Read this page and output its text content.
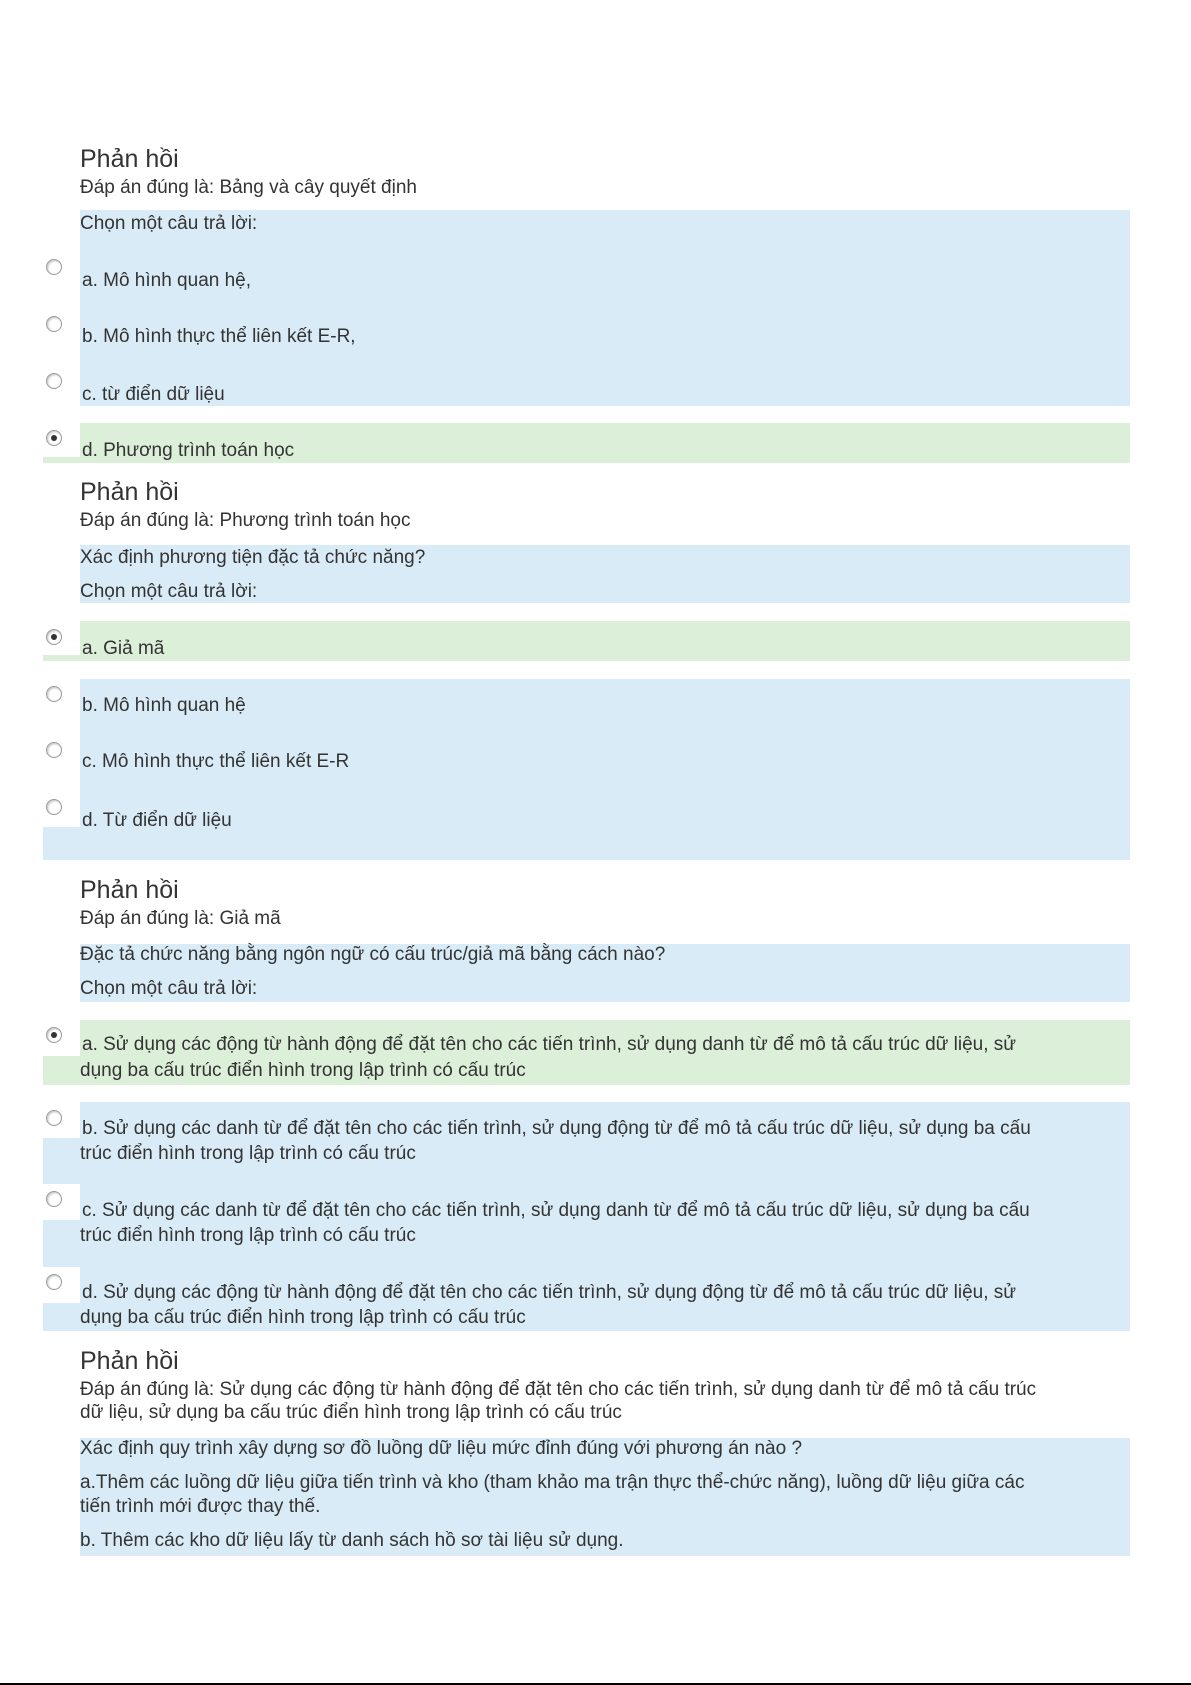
Phản hồi
Đáp án đúng là: Bảng và cây quyết định
Chọn một câu trả lời:
a. Mô hình quan hệ,
b. Mô hình thực thể liên kết E-R,
c. từ điển dữ liệu
d. Phương trình toán học
Phản hồi
Đáp án đúng là: Phương trình toán học
Xác định phương tiện đặc tả chức năng?
Chọn một câu trả lời:
a. Giả mã
b. Mô hình quan hệ
c. Mô hình thực thể liên kết E-R
d. Từ điển dữ liệu
Phản hồi
Đáp án đúng là: Giả mã
Đặc tả chức năng bằng ngôn ngữ có cấu trúc/giả mã bằng cách nào?
Chọn một câu trả lời:
a. Sử dụng các động từ hành động để đặt tên cho các tiến trình, sử dụng danh từ để mô tả cấu trúc dữ liệu, sử
dụng ba cấu trúc điển hình trong lập trình có cấu trúc
b. Sử dụng các danh từ để đặt tên cho các tiến trình, sử dụng động từ để mô tả cấu trúc dữ liệu, sử dụng ba cấu
trúc điển hình trong lập trình có cấu trúc
c. Sử dụng các danh từ để đặt tên cho các tiến trình, sử dụng danh từ để mô tả cấu trúc dữ liệu, sử dụng ba cấu
trúc điển hình trong lập trình có cấu trúc
d. Sử dụng các động từ hành động để đặt tên cho các tiến trình, sử dụng động từ để mô tả cấu trúc dữ liệu, sử
dụng ba cấu trúc điển hình trong lập trình có cấu trúc
Phản hồi
Đáp án đúng là: Sử dụng các động từ hành động để đặt tên cho các tiến trình, sử dụng danh từ để mô tả cấu trúc
dữ liệu, sử dụng ba cấu trúc điển hình trong lập trình có cấu trúc
Xác định quy trình xây dựng sơ đồ luồng dữ liệu mức đỉnh đúng với phương án nào ?
a.Thêm các luồng dữ liệu giữa tiến trình và kho (tham khảo ma trận thực thể-chức năng), luồng dữ liệu giữa các
tiến trình mới được thay thế.
b. Thêm các kho dữ liệu lấy từ danh sách hồ sơ tài liệu sử dụng.
